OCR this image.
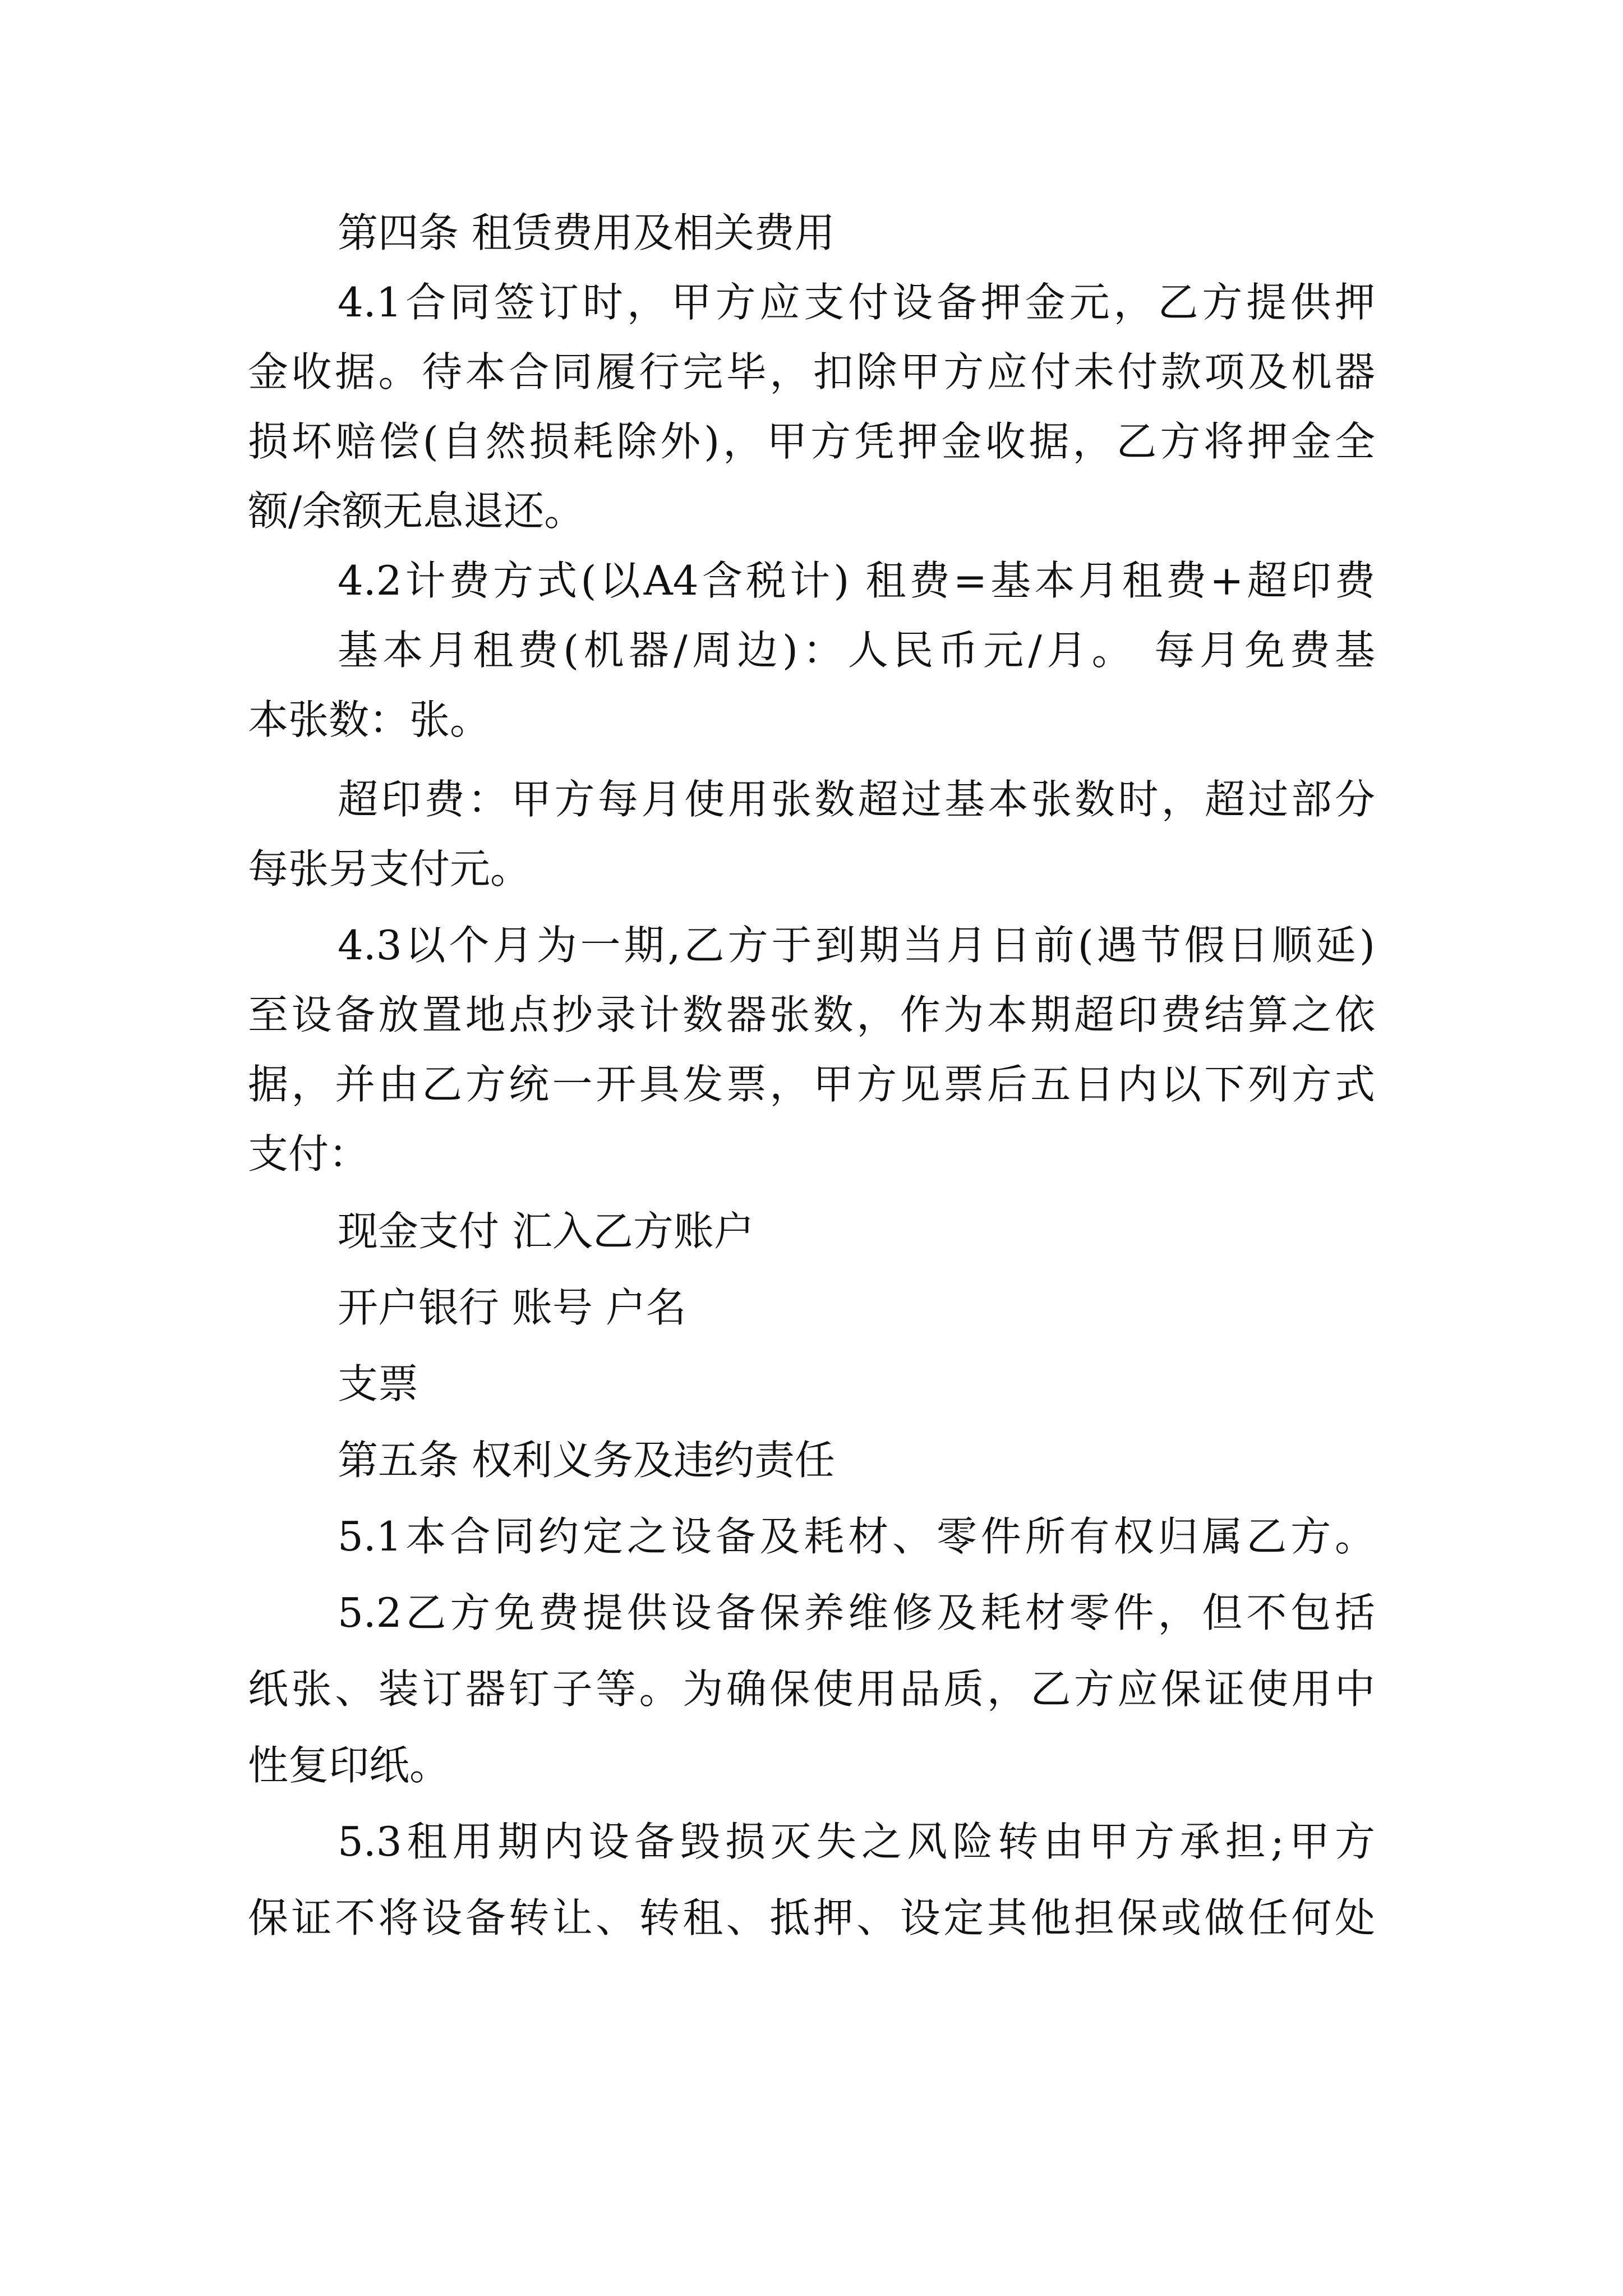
第四条 租赁费用及相关费用
4.1合同签订时，甲方应支付设备押金元，乙方提供押
金收据。待本合同履行完毕，扣除甲方应付未付款项及机器
损坏赔偿(自然损耗除外)，甲方凭押金收据，乙方将押金全
额/余额无息退还。
4.2计费方式(以A4含税计) 租费=基本月租费+超印费
基本月租费(机器/周边)：人民币元/月。 每月免费基
本张数：张。
超印费：甲方每月使用张数超过基本张数时，超过部分
每张另支付元。
4.3以个月为一期,乙方于到期当月日前(遇节假日顺延)
至设备放置地点抄录计数器张数，作为本期超印费结算之依
据，并由乙方统一开具发票，甲方见票后五日内以下列方式
支付：
现金支付 汇入乙方账户
开户银行 账号 户名
支票
第五条 权利义务及违约责任
5.1本合同约定之设备及耗材、零件所有权归属乙方。
5.2乙方免费提供设备保养维修及耗材零件，但不包括
纸张、装订器钉子等。为确保使用品质，乙方应保证使用中
性复印纸。
5.3租用期内设备毁损灭失之风险转由甲方承担;甲方
保证不将设备转让、转租、抵押、设定其他担保或做任何处
